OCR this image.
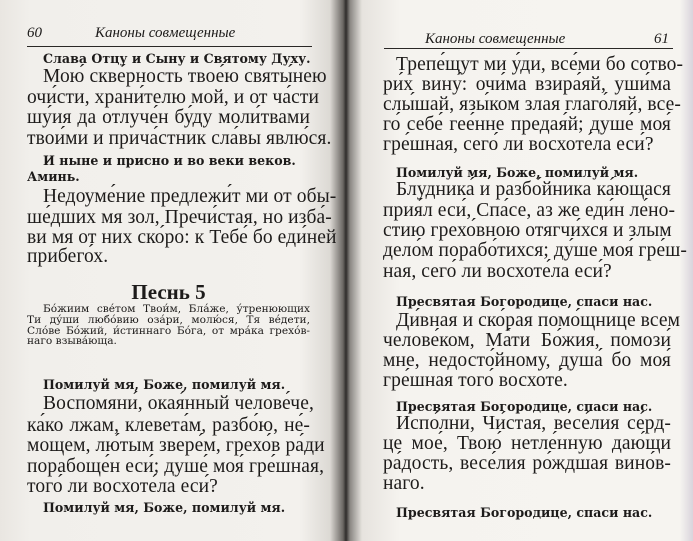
60	Каноны совмещенные
Слава Отцу и Сыну и Святому Духу.
Мою́ скве́рность твое́ю святы́нею
очи́сти, храни́телю мой, и от ча́сти
шу́ия да отлуче́н бу́ду моли́твами
твои́ми и прича́стник сла́вы явлю́ся.
И ныне и присно и во веки веков.
Аминь.
Недоуме́ние предлежи́т ми от обы-
ше́дших мя зол, Пречи́стая, но изба́-
ви мя от них ско́ро: к Тебе́ бо еди́ней
прибего́х.
Песнь 5
Бо́жиим све́том Твои́м, Бла́же, у́тренюющих
Ти ду́ши любо́вию оза́ри, молю́ся, Тя ве́дети,
Сло́ве Бо́жий, и́стиннаго Бо́га, от мра́ка грехо́в-
наго взыва́юща.
Помилуй мя, Боже, помилуй мя.
Воспомяни́, окая́нный челове́че,
ка́ко лжам, клевета́м, разбо́ю, не́-
мощем, лю́тым звере́м, грехо́в ра́ди
порабоще́н еси́; душе́ моя́ гре́шная,
того́ ли восхоте́ла еси́?
Помилуй мя, Боже, помилуй мя.
Каноны совмещенные	61
Трепе́щут ми у́ди, все́ми бо сотво-
ри́х вину́: очи́ма взира́яй, уши́ма
слы́шай, язы́ком злая глаго́ляй, все-
го́ себе́ гее́нне предая́й; душе́ моя́
гре́шная, сего́ ли восхоте́ла еси́?
Помилуй мя, Боже, помилуй мя.
Блудника́ и разбо́йника ка́ющася
прия́л еси́, Спа́се, аз же еди́н ле́но-
стию грехо́вною отягчи́хся и злым
дело́м порабо́тихся; ду́ше моя́ гре́ш-
ная, сего́ ли восхоте́ла еси́?
Пресвятая Богородице, спаси нас.
Ди́вная и ско́рая помо́щнице всем
челове́ком, Ма́ти Бо́жия, помози́
мне, недосто́йному, душа́ бо моя́
гре́шная того́ восхоте́.
Пресвятая Богородице, спаси нас.
Испо́лни, Чи́стая, весе́лия се́рд-
це мое́, Твою́ нетле́нную даю́щи
ра́дость, весе́лия ро́ждшая вино́в-
наго.
Пресвятая Богородице, спаси нас.
